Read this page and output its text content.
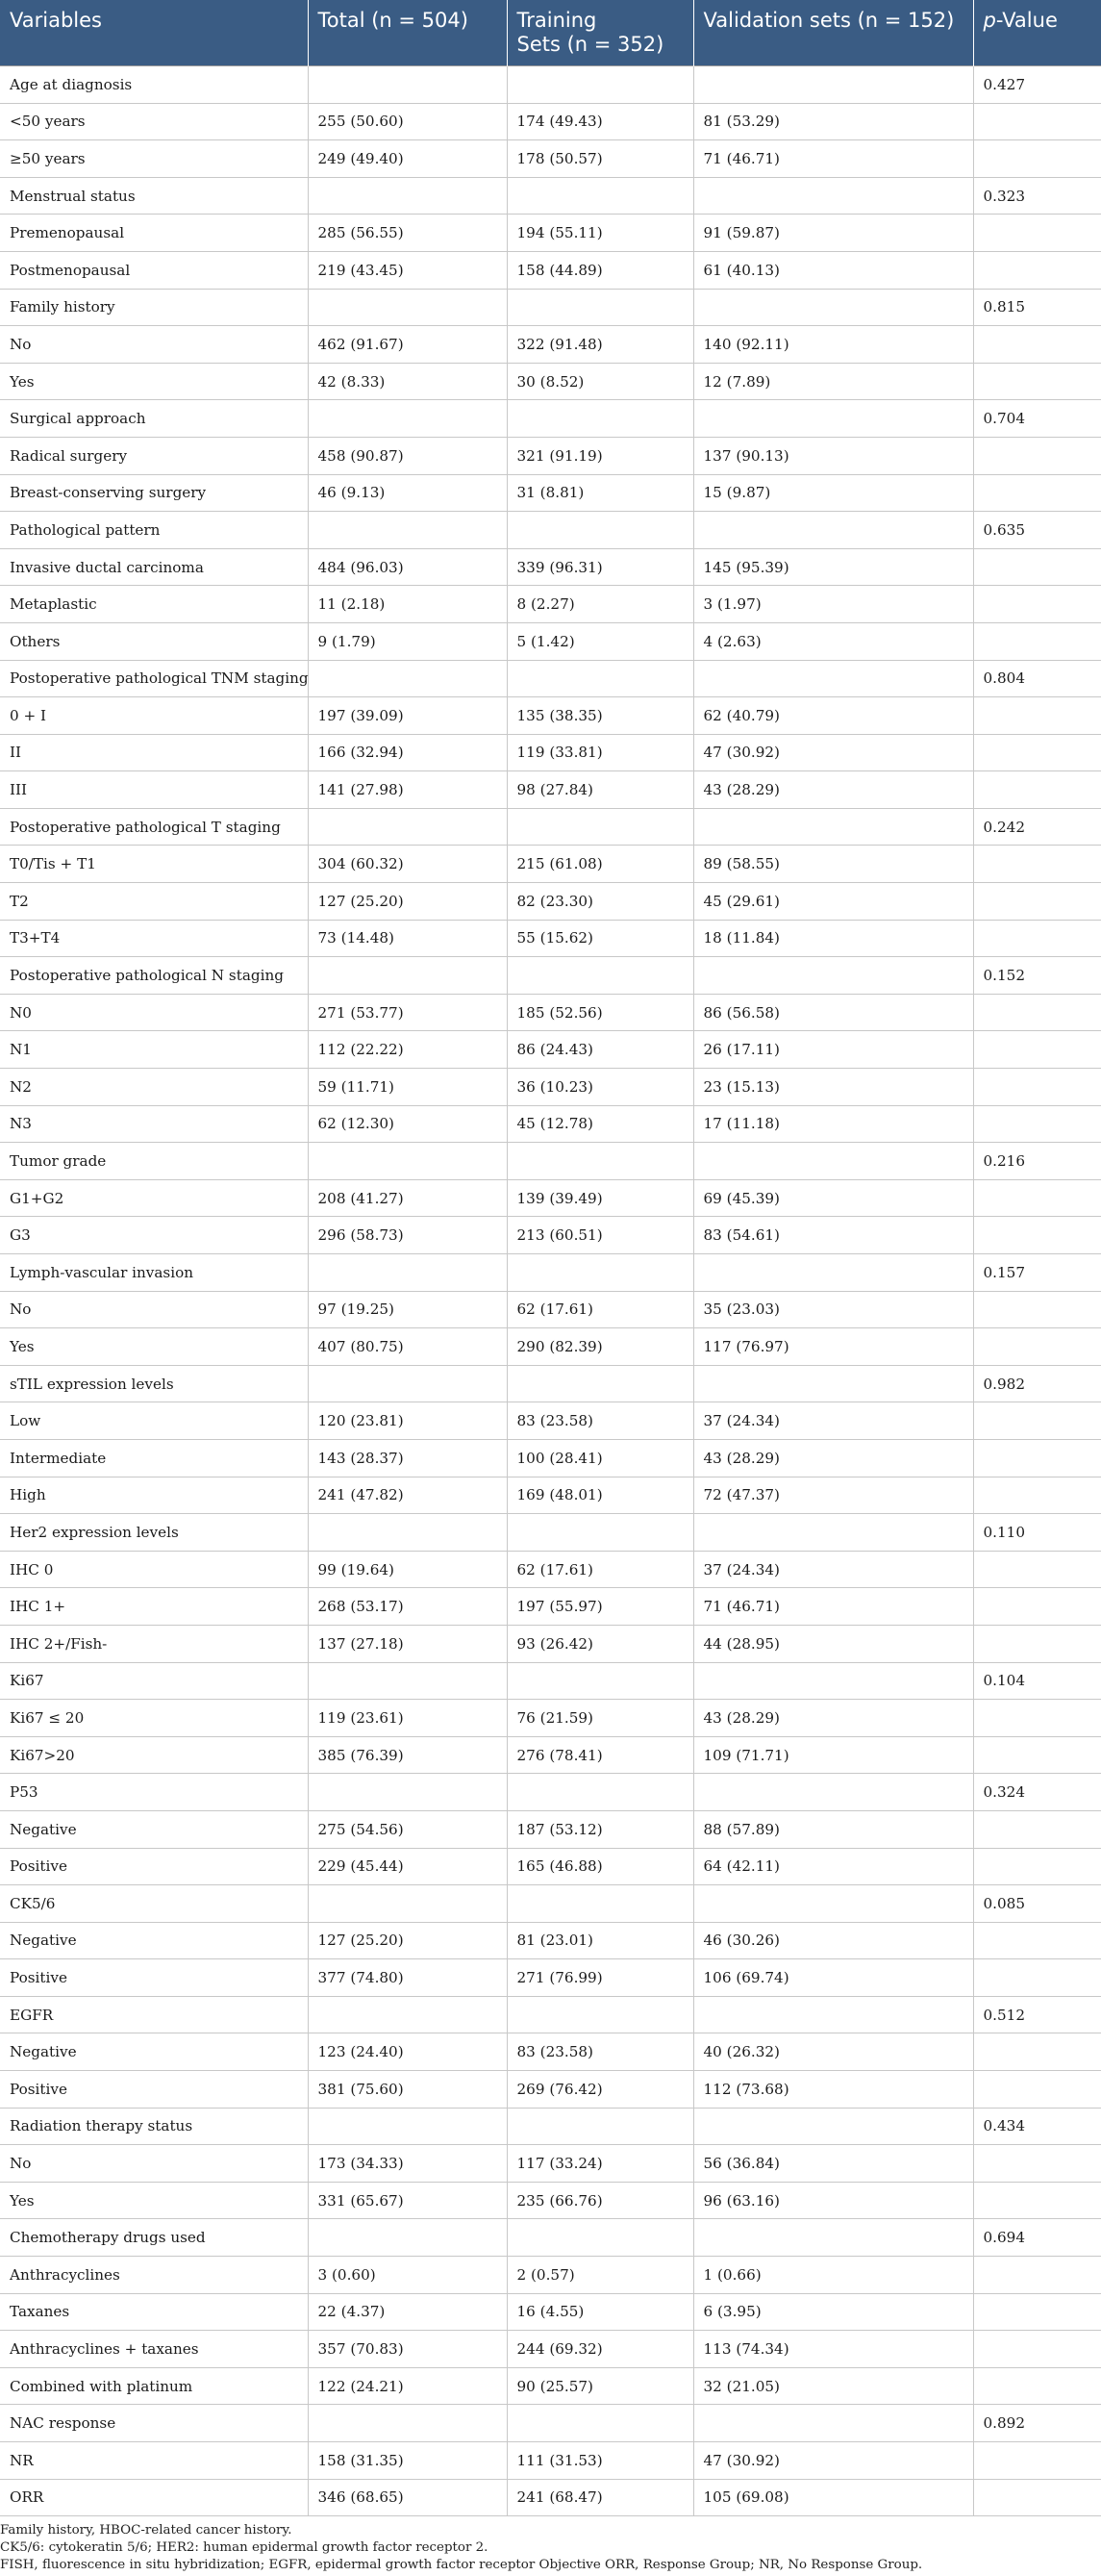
Variables	Total (n = 504)	Training
Sets (n = 352)	Validation sets (n = 152)	p-Value
Age at diagnosis				0.427
<50 years	255 (50.60)	174 (49.43)	81 (53.29)	
≥50 years	249 (49.40)	178 (50.57)	71 (46.71)	
Menstrual status				0.323
Premenopausal	285 (56.55)	194 (55.11)	91 (59.87)	
Postmenopausal	219 (43.45)	158 (44.89)	61 (40.13)	
Family history				0.815
No	462 (91.67)	322 (91.48)	140 (92.11)	
Yes	42 (8.33)	30 (8.52)	12 (7.89)	
Surgical approach				0.704
Radical surgery	458 (90.87)	321 (91.19)	137 (90.13)	
Breast-conserving surgery	46 (9.13)	31 (8.81)	15 (9.87)	
Pathological pattern				0.635
Invasive ductal carcinoma	484 (96.03)	339 (96.31)	145 (95.39)	
Metaplastic	11 (2.18)	8 (2.27)	3 (1.97)	
Others	9 (1.79)	5 (1.42)	4 (2.63)	
Postoperative pathological TNM staging				0.804
0 + I	197 (39.09)	135 (38.35)	62 (40.79)	
II	166 (32.94)	119 (33.81)	47 (30.92)	
III	141 (27.98)	98 (27.84)	43 (28.29)	
Postoperative pathological T staging				0.242
T0/Tis + T1	304 (60.32)	215 (61.08)	89 (58.55)	
T2	127 (25.20)	82 (23.30)	45 (29.61)	
T3+T4	73 (14.48)	55 (15.62)	18 (11.84)	
Postoperative pathological N staging				0.152
N0	271 (53.77)	185 (52.56)	86 (56.58)	
N1	112 (22.22)	86 (24.43)	26 (17.11)	
N2	59 (11.71)	36 (10.23)	23 (15.13)	
N3	62 (12.30)	45 (12.78)	17 (11.18)	
Tumor grade				0.216
G1+G2	208 (41.27)	139 (39.49)	69 (45.39)	
G3	296 (58.73)	213 (60.51)	83 (54.61)	
Lymph-vascular invasion				0.157
No	97 (19.25)	62 (17.61)	35 (23.03)	
Yes	407 (80.75)	290 (82.39)	117 (76.97)	
sTIL expression levels				0.982
Low	120 (23.81)	83 (23.58)	37 (24.34)	
Intermediate	143 (28.37)	100 (28.41)	43 (28.29)	
High	241 (47.82)	169 (48.01)	72 (47.37)	
Her2 expression levels				0.110
IHC 0	99 (19.64)	62 (17.61)	37 (24.34)	
IHC 1+	268 (53.17)	197 (55.97)	71 (46.71)	
IHC 2+/Fish-	137 (27.18)	93 (26.42)	44 (28.95)	
Ki67				0.104
Ki67 ≤ 20	119 (23.61)	76 (21.59)	43 (28.29)	
Ki67>20	385 (76.39)	276 (78.41)	109 (71.71)	
P53				0.324
Negative	275 (54.56)	187 (53.12)	88 (57.89)	
Positive	229 (45.44)	165 (46.88)	64 (42.11)	
CK5/6				0.085
Negative	127 (25.20)	81 (23.01)	46 (30.26)	
Positive	377 (74.80)	271 (76.99)	106 (69.74)	
EGFR				0.512
Negative	123 (24.40)	83 (23.58)	40 (26.32)	
Positive	381 (75.60)	269 (76.42)	112 (73.68)	
Radiation therapy status				0.434
No	173 (34.33)	117 (33.24)	56 (36.84)	
Yes	331 (65.67)	235 (66.76)	96 (63.16)	
Chemotherapy drugs used				0.694
Anthracyclines	3 (0.60)	2 (0.57)	1 (0.66)	
Taxanes	22 (4.37)	16 (4.55)	6 (3.95)	
Anthracyclines + taxanes	357 (70.83)	244 (69.32)	113 (74.34)	
Combined with platinum	122 (24.21)	90 (25.57)	32 (21.05)	
NAC response				0.892
NR	158 (31.35)	111 (31.53)	47 (30.92)	
ORR	346 (68.65)	241 (68.47)	105 (69.08)	
Family history, HBOC-related cancer history.
CK5/6: cytokeratin 5/6; HER2: human epidermal growth factor receptor 2.
FISH, fluorescence in situ hybridization; EGFR, epidermal growth factor receptor Objective ORR, Response Group; NR, No Response Group.
